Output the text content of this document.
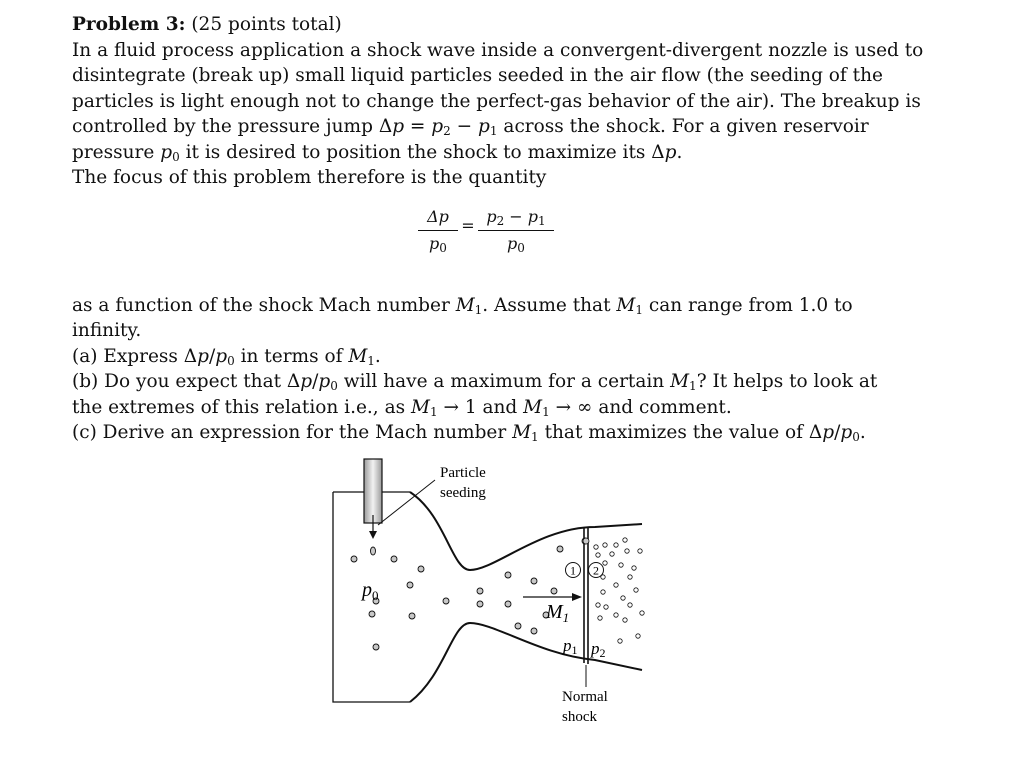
Problem 3: (25 points total)
In a fluid process application a shock wave inside a convergent-divergent nozzle is used to
disintegrate (break up) small liquid particles seeded in the air flow (the seeding of the
particles is light enough not to change the perfect-gas behavior of the air). The breakup is
controlled by the pressure jump $\Delta p = p_2 - p_1$ across the shock. For a given reservoir
pressure $p_0$ it is desired to position the shock to maximize its Δp.
The focus of this problem therefore is the quantity
as a function of the shock Mach number $M_1$. Assume that $M_1$ can range from 1.0 to
infinity.
(a) Express $\Delta p/p_0$ in terms of $M_1$.
(b) Do you expect that $\Delta p/p_0$ will have a maximum for a certain $M_1$? It helps to look at
the extremes of this relation i.e., as $M_1 \to 1$ and $M_1$ → ∞ and comment.
(c) Derive an expression for the Mach number $M_1$ that maximizes the value of $\Delta p/p_0$.
$\frac{\Delta p}{p_0} = \frac{p_2 - p_1}{p_0}$
Particle
seeding
Normal
shock
1 2
$M_1$
$p_0$
p1 p2
